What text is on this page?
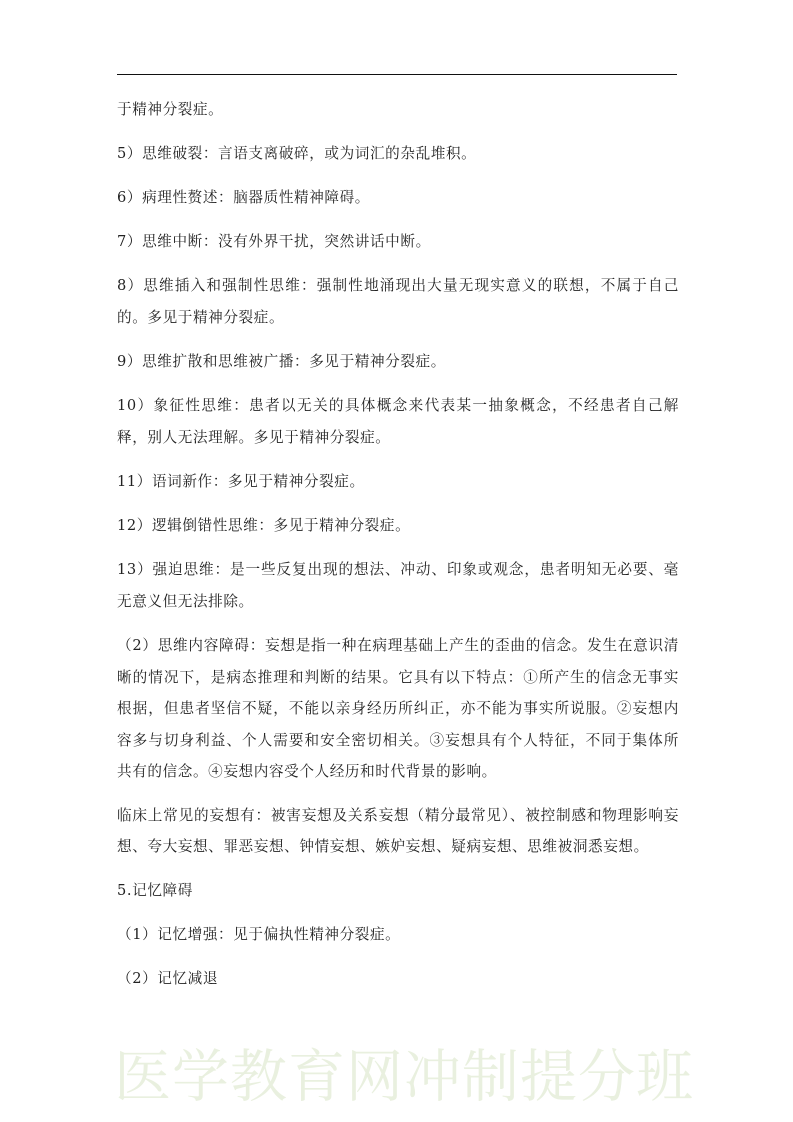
于精神分裂症。
5）思维破裂：言语支离破碎，或为词汇的杂乱堆积。
6）病理性赘述：脑器质性精神障碍。
7）思维中断：没有外界干扰，突然讲话中断。
8）思维插入和强制性思维：强制性地涌现出大量无现实意义的联想，不属于自己的。多见于精神分裂症。
9）思维扩散和思维被广播：多见于精神分裂症。
10）象征性思维：患者以无关的具体概念来代表某一抽象概念，不经患者自己解释，别人无法理解。多见于精神分裂症。
11）语词新作：多见于精神分裂症。
12）逻辑倒错性思维：多见于精神分裂症。
13）强迫思维：是一些反复出现的想法、冲动、印象或观念，患者明知无必要、毫无意义但无法排除。
（2）思维内容障碍：妄想是指一种在病理基础上产生的歪曲的信念。发生在意识清晰的情况下，是病态推理和判断的结果。它具有以下特点：①所产生的信念无事实根据，但患者坚信不疑，不能以亲身经历所纠正，亦不能为事实所说服。②妄想内容多与切身利益、个人需要和安全密切相关。③妄想具有个人特征，不同于集体所共有的信念。④妄想内容受个人经历和时代背景的影响。
临床上常见的妄想有：被害妄想及关系妄想（精分最常见）、被控制感和物理影响妄想、夸大妄想、罪恶妄想、钟情妄想、嫉妒妄想、疑病妄想、思维被洞悉妄想。
5.记忆障碍
（1）记忆增强：见于偏执性精神分裂症。
（2）记忆减退
医学教育网冲制提分班
